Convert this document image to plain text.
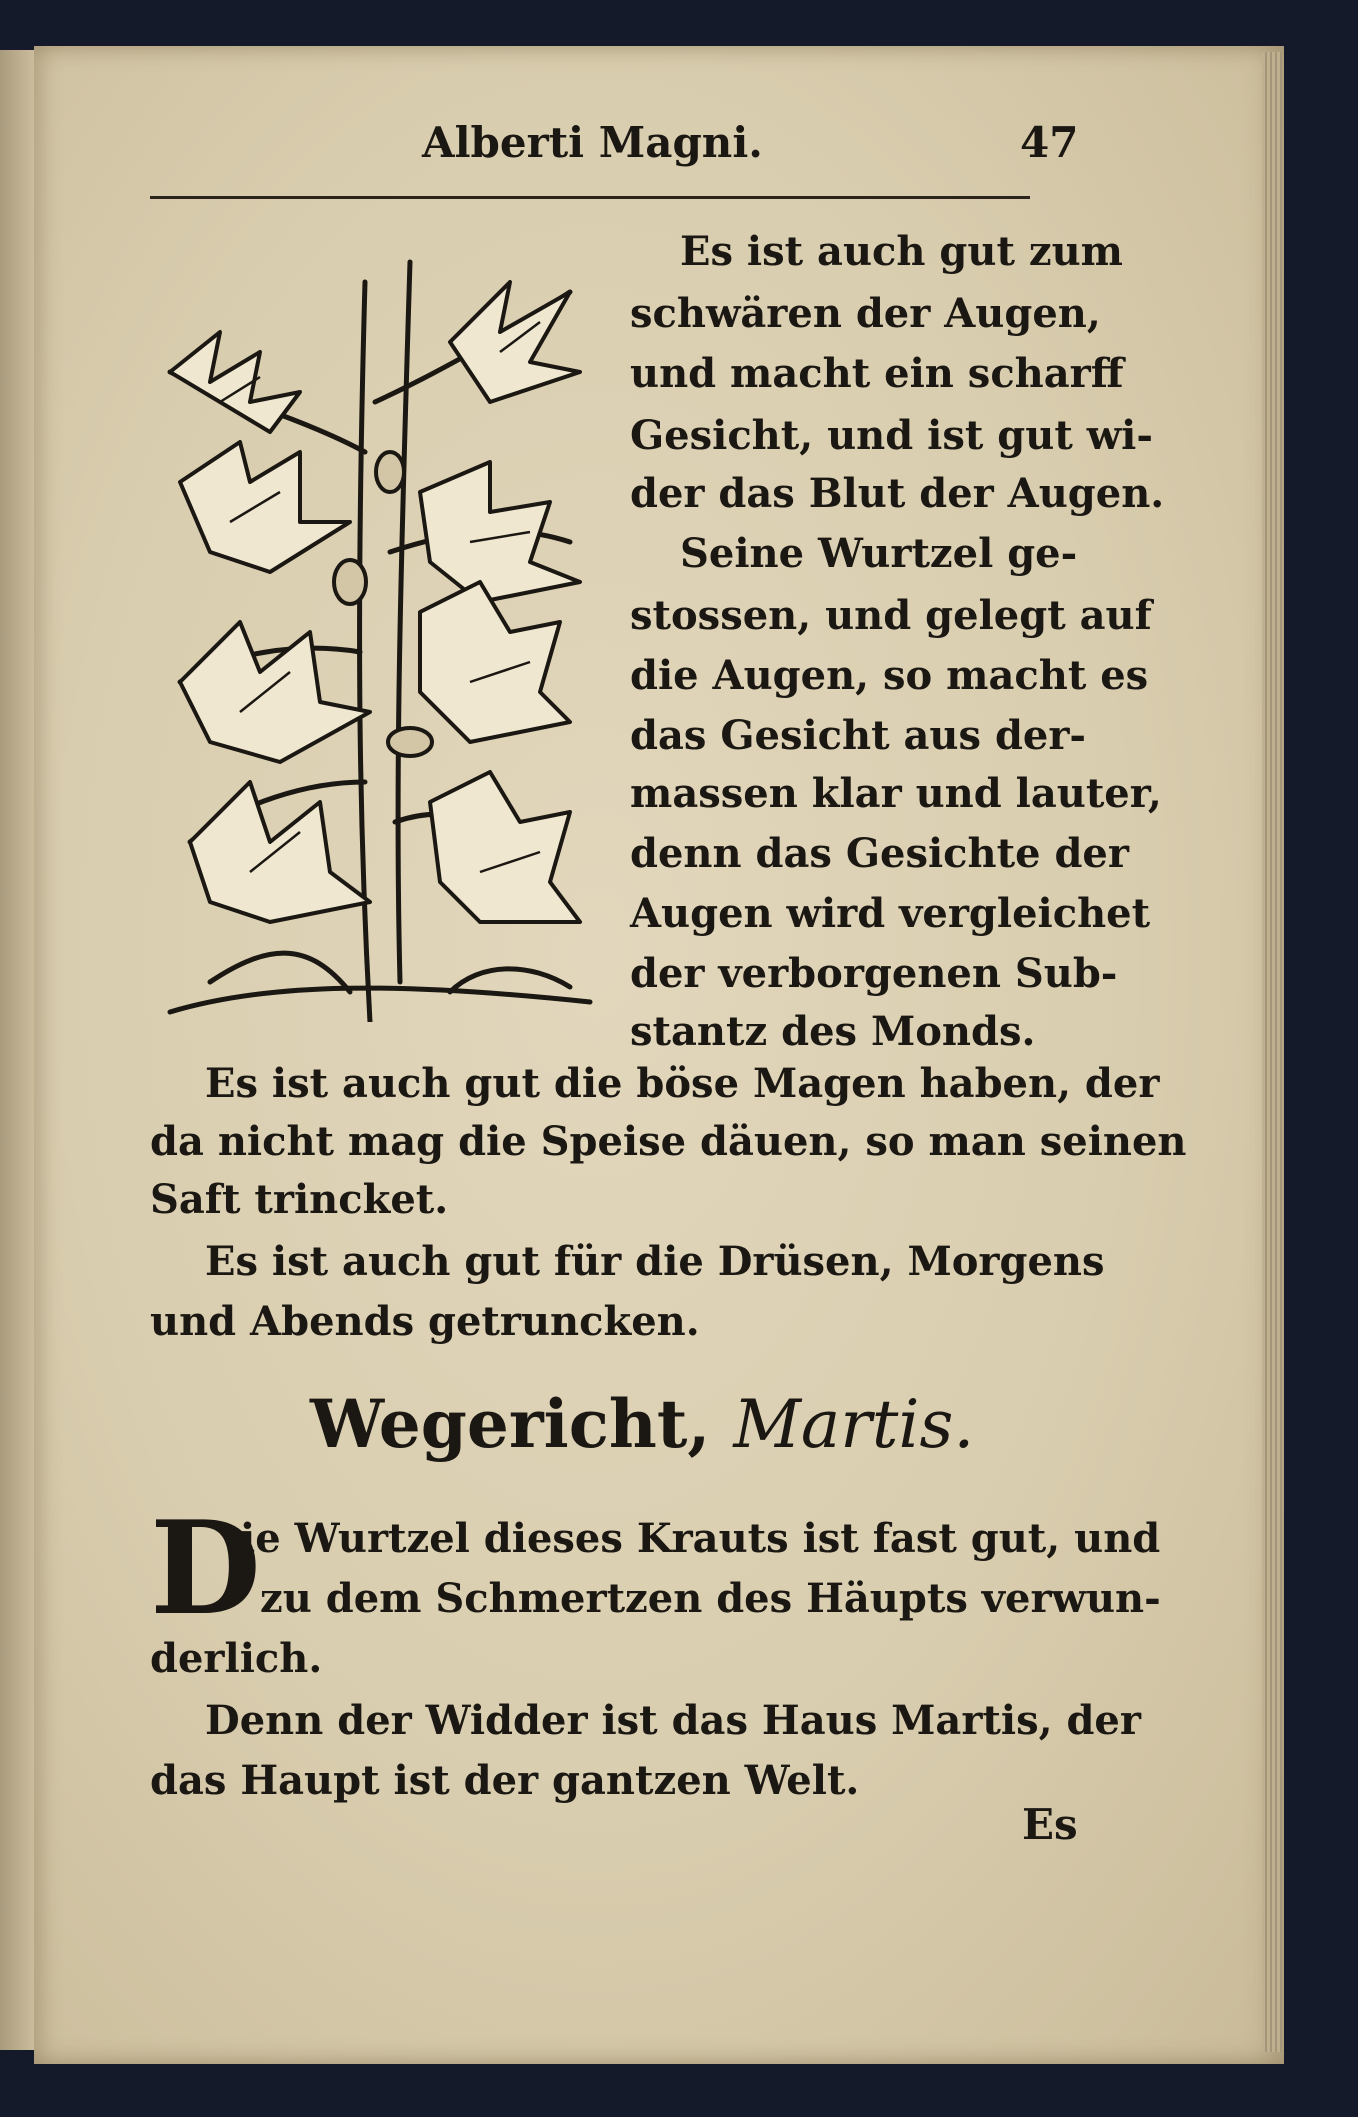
Alberti Magni.	47
Es ist auch gut zum
schwären der Augen,
und macht ein scharff
Gesicht, und ist gut wi-
der das Blut der Augen.
Seine Wurtzel ge-
stossen, und gelegt auf
die Augen, so macht es
das Gesicht aus der-
massen klar und lauter,
denn das Gesichte der
Augen wird vergleichet
der verborgenen Sub-
stantz des Monds.
Es ist auch gut die böse Magen haben, der
da nicht mag die Speise däuen, so man seinen
Saft trincket.
Es ist auch gut für die Drüsen, Morgens
und Abends getruncken.
Wegericht, Martis.
D
ie Wurtzel dieses Krauts ist fast gut, und
zu dem Schmertzen des Häupts verwun-
derlich.
Denn der Widder ist das Haus Martis, der
das Haupt ist der gantzen Welt.
Es
